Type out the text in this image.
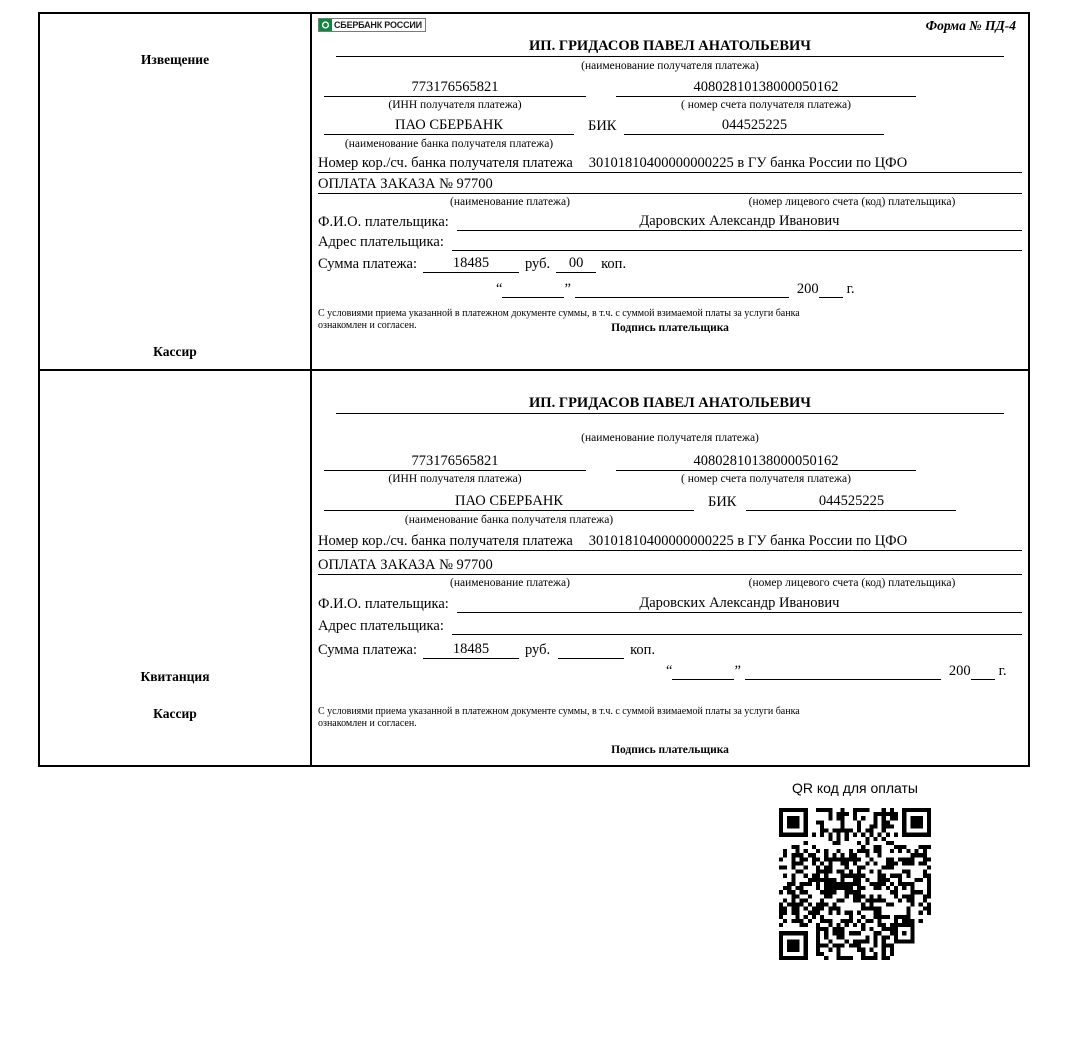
Извещение
Кассир
СБЕРБАНК РОССИИ	Форма № ПД-4
ИП. ГРИДАСОВ ПАВЕЛ АНАТОЛЬЕВИЧ
(наименование получателя платежа)
773176565821	40802810138000050162
(ИНН получателя платежа)	( номер счета получателя платежа)
ПАО СБЕРБАНК	БИК	044525225
(наименование банка получателя платежа)
Номер кор./сч. банка получателя платежа 30101810400000000225 в ГУ банка России по ЦФО
ОПЛАТА ЗАКАЗА № 97700
(наименование платежа)	(номер лицевого счета (код) плательщика)
Ф.И.О. плательщика:	Даровских Александр Иванович
Адрес плательщика:
Сумма платежа:	18485	руб.	00	коп.
“	”	200 г.
С условиями приема указанной в платежном документе суммы, в т.ч. с суммой взимаемой платы за услуги банка
ознакомлен и согласен.	Подпись плательщика
Квитанция
Кассир
ИП. ГРИДАСОВ ПАВЕЛ АНАТОЛЬЕВИЧ
(наименование получателя платежа)
773176565821	40802810138000050162
(ИНН получателя платежа)	( номер счета получателя платежа)
ПАО СБЕРБАНК	БИК	044525225
(наименование банка получателя платежа)
Номер кор./сч. банка получателя платежа 30101810400000000225 в ГУ банка России по ЦФО
ОПЛАТА ЗАКАЗА № 97700
(наименование платежа)	(номер лицевого счета (код) плательщика)
Ф.И.О. плательщика:	Даровских Александр Иванович
Адрес плательщика:
Сумма платежа:	18485	руб.	коп.
“	”	200 г.
С условиями приема указанной в платежном документе суммы, в т.ч. с суммой взимаемой платы за услуги банка
ознакомлен и согласен.
Подпись плательщика
QR код для оплаты
